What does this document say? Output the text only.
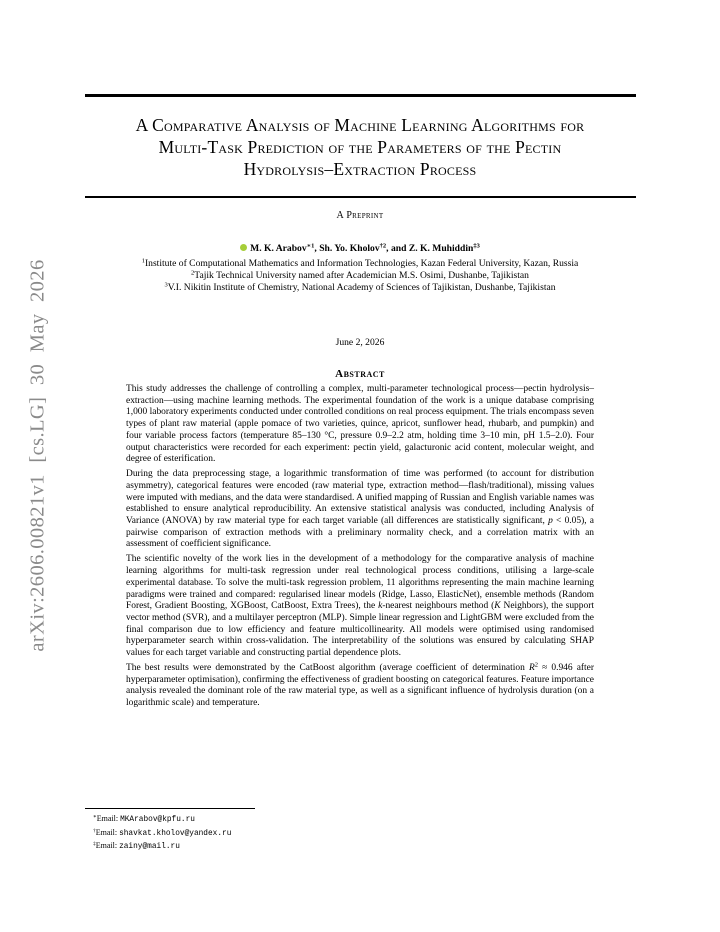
arXiv:2606.00821v1 [cs.LG] 30 May 2026
A Comparative Analysis of Machine Learning Algorithms for
Multi-Task Prediction of the Parameters of the Pectin
Hydrolysis–Extraction Process
A Preprint
M. K. Arabov$^{∗1}$, Sh. Yo. Kholov$^{\dagger 2}$, and Z. K. Muhiddin$^{\ddagger 3}$
$^1$Institute of Computational Mathematics and Information Technologies, Kazan Federal University, Kazan, Russia
$^2$Tajik Technical University named after Academician M.S. Osimi, Dushanbe, Tajikistan
$^3$V.I. Nikitin Institute of Chemistry, National Academy of Sciences of Tajikistan, Dushanbe, Tajikistan
June 2, 2026
Abstract

This study addresses the challenge of controlling a complex, multi-parameter technological process—pectin hydrolysis–extraction—using machine learning methods. The experimental foundation of the work is a unique database comprising 1,000 laboratory experiments conducted under controlled conditions on real process equipment. The trials encompass seven types of plant raw material (apple pomace of two varieties, quince, apricot, sunflower head, rhubarb, and pumpkin) and four variable process factors (temperature 85–130 °C, pressure 0.9–2.2 atm, holding time 3–10 min, pH 1.5–2.0). Four output characteristics were recorded for each experiment: pectin yield, galacturonic acid content, molecular weight, and degree of esterification.

During the data preprocessing stage, a logarithmic transformation of time was performed (to account for distribution asymmetry), categorical features were encoded (raw material type, extraction method—flash/traditional), missing values were imputed with medians, and the data were standardised. A unified mapping of Russian and English variable names was established to ensure analytical reproducibility. An extensive statistical analysis was conducted, including Analysis of Variance (ANOVA) by raw material type for each target variable (all differences are statistically significant, p < 0.05), a pairwise comparison of extraction methods with a preliminary normality check, and a correlation matrix with an assessment of coefficient significance.

The scientific novelty of the work lies in the development of a methodology for the comparative analysis of machine learning algorithms for multi-task regression under real technological process conditions, utilising a large-scale experimental database. To solve the multi-task regression problem, 11 algorithms representing the main machine learning paradigms were trained and compared: regularised linear models (Ridge, Lasso, ElasticNet), ensemble methods (Random Forest, Gradient Boosting, XGBoost, CatBoost, Extra Trees), the k-nearest neighbours method (K Neighbors), the support vector method (SVR), and a multilayer perceptron (MLP). Simple linear regression and LightGBM were excluded from the final comparison due to low efficiency and feature multicollinearity. All models were optimised using randomised hyperparameter search within cross-validation. The interpretability of the solutions was ensured by calculating SHAP values for each target variable and constructing partial dependence plots.

The best results were demonstrated by the CatBoost algorithm (average coefficient of determination $R^2 \approx 0.946$ after hyperparameter optimisation), confirming the effectiveness of gradient boosting on categorical features. Feature importance analysis revealed the dominant role of the raw material type, as well as a significant influence of hydrolysis duration (on a logarithmic scale) and temperature.

∗Email: MKArabov@kpfu.ru
†Email: shavkat.kholov@yandex.ru
‡Email: zainy@mail.ru
